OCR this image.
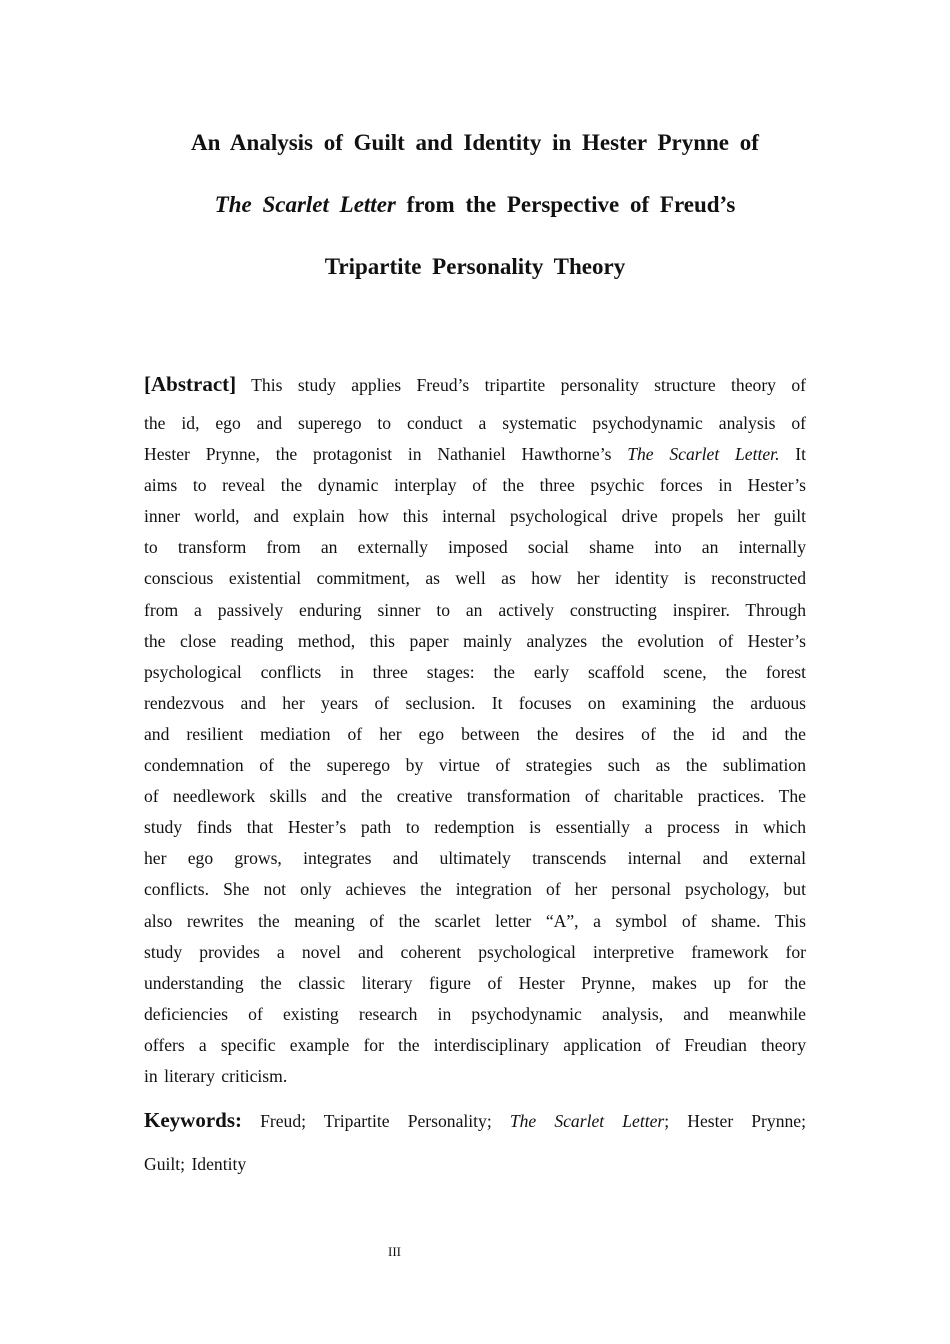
An Analysis of Guilt and Identity in Hester Prynne of
The Scarlet Letter from the Perspective of Freud’s
Tripartite Personality Theory
[Abstract] This study applies Freud’s tripartite personality structure theory of
the id, ego and superego to conduct a systematic psychodynamic analysis of
Hester Prynne, the protagonist in Nathaniel Hawthorne’s The Scarlet Letter. It
aims to reveal the dynamic interplay of the three psychic forces in Hester’s
inner world, and explain how this internal psychological drive propels her guilt
to transform from an externally imposed social shame into an internally
conscious existential commitment, as well as how her identity is reconstructed
from a passively enduring sinner to an actively constructing inspirer. Through
the close reading method, this paper mainly analyzes the evolution of Hester’s
psychological conflicts in three stages: the early scaffold scene, the forest
rendezvous and her years of seclusion. It focuses on examining the arduous
and resilient mediation of her ego between the desires of the id and the
condemnation of the superego by virtue of strategies such as the sublimation
of needlework skills and the creative transformation of charitable practices. The
study finds that Hester’s path to redemption is essentially a process in which
her ego grows, integrates and ultimately transcends internal and external
conflicts. She not only achieves the integration of her personal psychology, but
also rewrites the meaning of the scarlet letter “A”, a symbol of shame. This
study provides a novel and coherent psychological interpretive framework for
understanding the classic literary figure of Hester Prynne, makes up for the
deficiencies of existing research in psychodynamic analysis, and meanwhile
offers a specific example for the interdisciplinary application of Freudian theory
in literary criticism.
Keywords: Freud; Tripartite Personality; The Scarlet Letter; Hester Prynne;
Guilt; Identity
III
